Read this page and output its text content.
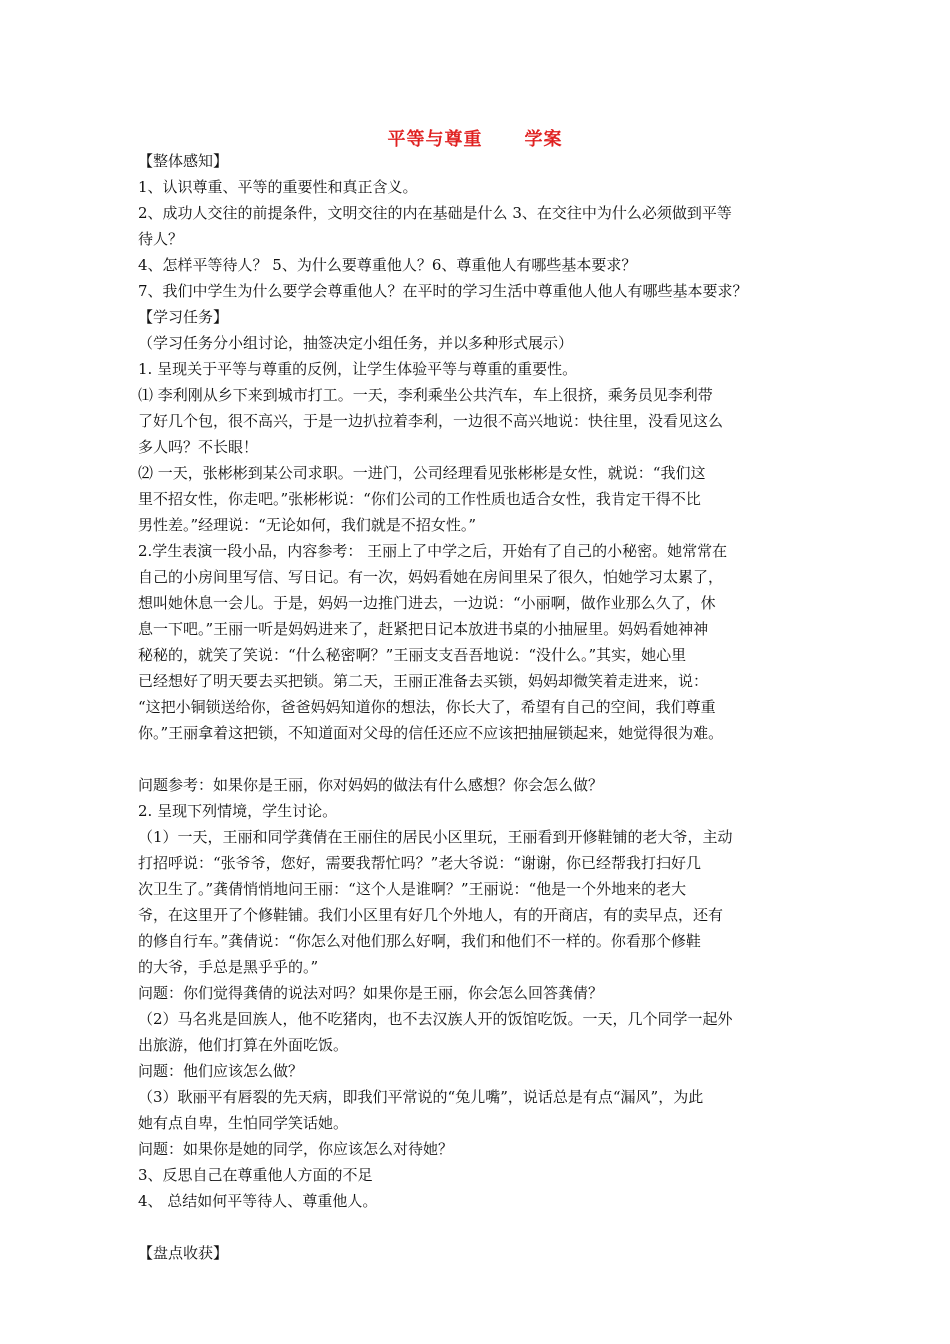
平等与尊重 学案
【整体感知】
1、认识尊重、平等的重要性和真正含义。
2、成功人交往的前提条件，文明交往的内在基础是什么 3、在交往中为什么必须做到平等
待人？
4、怎样平等待人？ 5、为什么要尊重他人？6、尊重他人有哪些基本要求？
7、我们中学生为什么要学会尊重他人？在平时的学习生活中尊重他人他人有哪些基本要求？
【学习任务】
（学习任务分小组讨论，抽签决定小组任务，并以多种形式展示）
1. 呈现关于平等与尊重的反例，让学生体验平等与尊重的重要性。
⑴ 李利刚从乡下来到城市打工。一天，李利乘坐公共汽车，车上很挤，乘务员见李利带
了好几个包，很不高兴，于是一边扒拉着李利，一边很不高兴地说：快往里，没看见这么
多人吗？不长眼！
⑵ 一天，张彬彬到某公司求职。一进门，公司经理看见张彬彬是女性，就说：“我们这
里不招女性，你走吧。”张彬彬说：“你们公司的工作性质也适合女性，我肯定干得不比
男性差。”经理说：“无论如何，我们就是不招女性。”
2.学生表演一段小品，内容参考： 王丽上了中学之后，开始有了自己的小秘密。她常常在
自己的小房间里写信、写日记。有一次，妈妈看她在房间里呆了很久，怕她学习太累了，
想叫她休息一会儿。于是，妈妈一边推门进去，一边说：“小丽啊，做作业那么久了，休
息一下吧。”王丽一听是妈妈进来了，赶紧把日记本放进书桌的小抽屉里。妈妈看她神神
秘秘的，就笑了笑说：“什么秘密啊？”王丽支支吾吾地说：“没什么。”其实，她心里
已经想好了明天要去买把锁。第二天，王丽正准备去买锁，妈妈却微笑着走进来，说：
“这把小铜锁送给你，爸爸妈妈知道你的想法，你长大了，希望有自己的空间，我们尊重
你。”王丽拿着这把锁，不知道面对父母的信任还应不应该把抽屉锁起来，她觉得很为难。
问题参考：如果你是王丽，你对妈妈的做法有什么感想？你会怎么做？
2. 呈现下列情境，学生讨论。
（1）一天，王丽和同学龚倩在王丽住的居民小区里玩，王丽看到开修鞋铺的老大爷，主动
打招呼说：“张爷爷，您好，需要我帮忙吗？”老大爷说：“谢谢，你已经帮我打扫好几
次卫生了。”龚倩悄悄地问王丽：“这个人是谁啊？”王丽说：“他是一个外地来的老大
爷，在这里开了个修鞋铺。我们小区里有好几个外地人，有的开商店，有的卖早点，还有
的修自行车。”龚倩说：“你怎么对他们那么好啊，我们和他们不一样的。你看那个修鞋
的大爷，手总是黑乎乎的。”
问题：你们觉得龚倩的说法对吗？如果你是王丽，你会怎么回答龚倩？
（2）马名兆是回族人，他不吃猪肉，也不去汉族人开的饭馆吃饭。一天，几个同学一起外
出旅游，他们打算在外面吃饭。
问题：他们应该怎么做？
（3）耿丽平有唇裂的先天病，即我们平常说的“兔儿嘴”，说话总是有点“漏风”，为此
她有点自卑，生怕同学笑话她。
问题：如果你是她的同学，你应该怎么对待她？
3、反思自己在尊重他人方面的不足
4、 总结如何平等待人、尊重他人。
【盘点收获】
